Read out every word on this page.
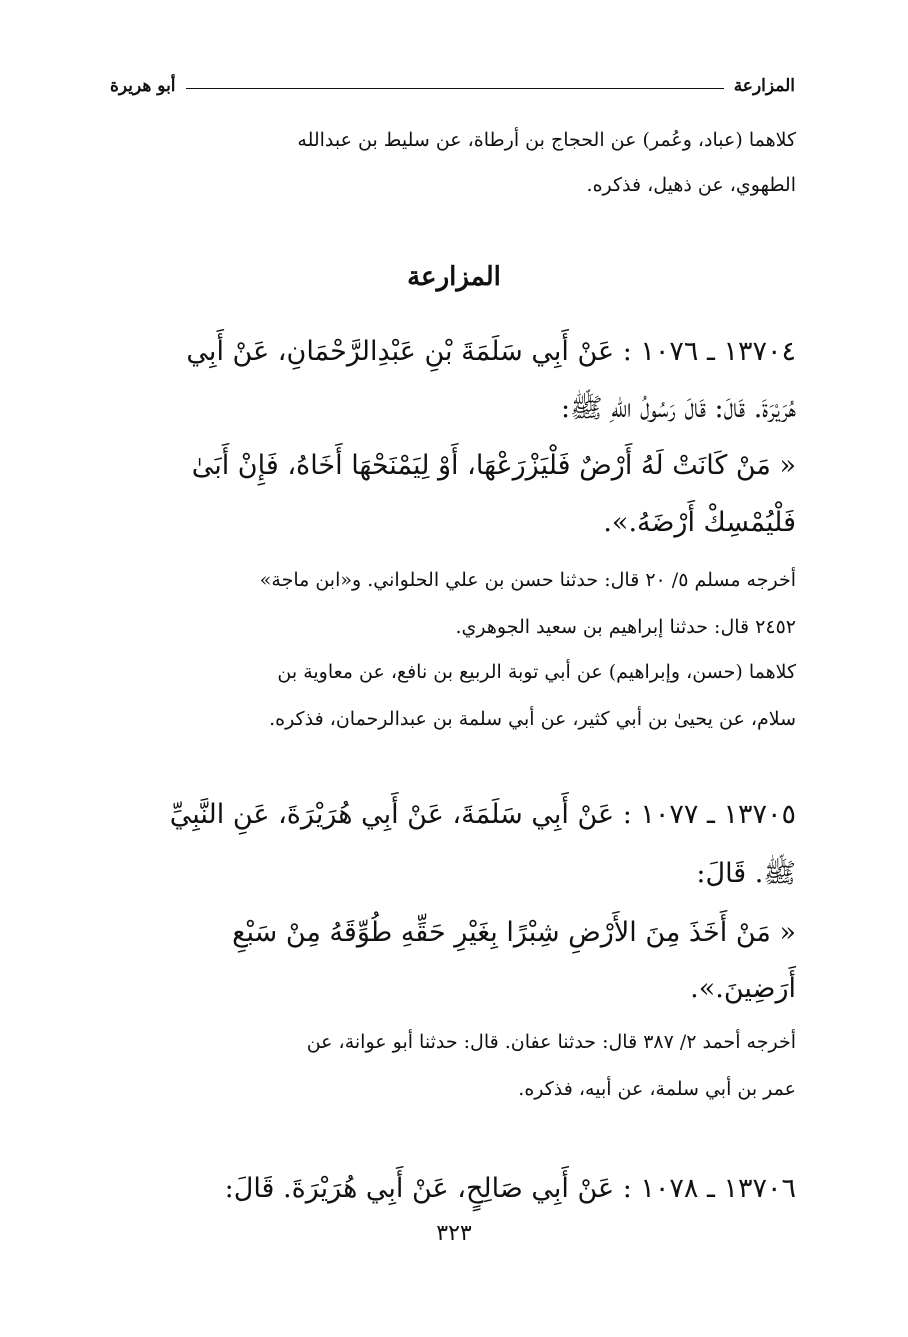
المزارعة
أبو هريرة
كلاهما (عباد، وعُمر) عن الحجاج بن أرطاة، عن سليط بن عبدالله
الطهوي، عن ذهيل، فذكره.
المزارعة
١٣٧٠٤ ـ ١٠٧٦ : عَنْ أَبِي سَلَمَةَ بْنِ عَبْدِالرَّحْمَانِ، عَنْ أَبِي
هُرَيْرَةَ. قَالَ: قَالَ رَسُولُ اللهِ ﷺ:
« مَنْ كَانَتْ لَهُ أَرْضٌ فَلْيَزْرَعْهَا، أَوْ لِيَمْنَحْهَا أَخَاهُ، فَإِنْ أَبَىٰ
فَلْيُمْسِكْ أَرْضَهُ.».
أخرجه مسلم ٥/ ٢٠ قال: حدثنا حسن بن علي الحلواني. و«ابن ماجة»
٢٤٥٢ قال: حدثنا إبراهيم بن سعيد الجوهري.
كلاهما (حسن، وإبراهيم) عن أبي توبة الربيع بن نافع، عن معاوية بن
سلام، عن يحيىٰ بن أبي كثير، عن أبي سلمة بن عبدالرحمان، فذكره.
١٣٧٠٥ ـ ١٠٧٧ : عَنْ أَبِي سَلَمَةَ، عَنْ أَبِي هُرَيْرَةَ، عَنِ النَّبِيِّ
ﷺ. قَالَ:
« مَنْ أَخَذَ مِنَ الأَرْضِ شِبْرًا بِغَيْرِ حَقِّهِ طُوِّقَهُ مِنْ سَبْعِ
أَرَضِينَ.».
أخرجه أحمد ٢/ ٣٨٧ قال: حدثنا عفان. قال: حدثنا أبو عوانة، عن
عمر بن أبي سلمة، عن أبيه، فذكره.
١٣٧٠٦ ـ ١٠٧٨ : عَنْ أَبِي صَالِحٍ، عَنْ أَبِي هُرَيْرَةَ. قَالَ:
٣٢٣
